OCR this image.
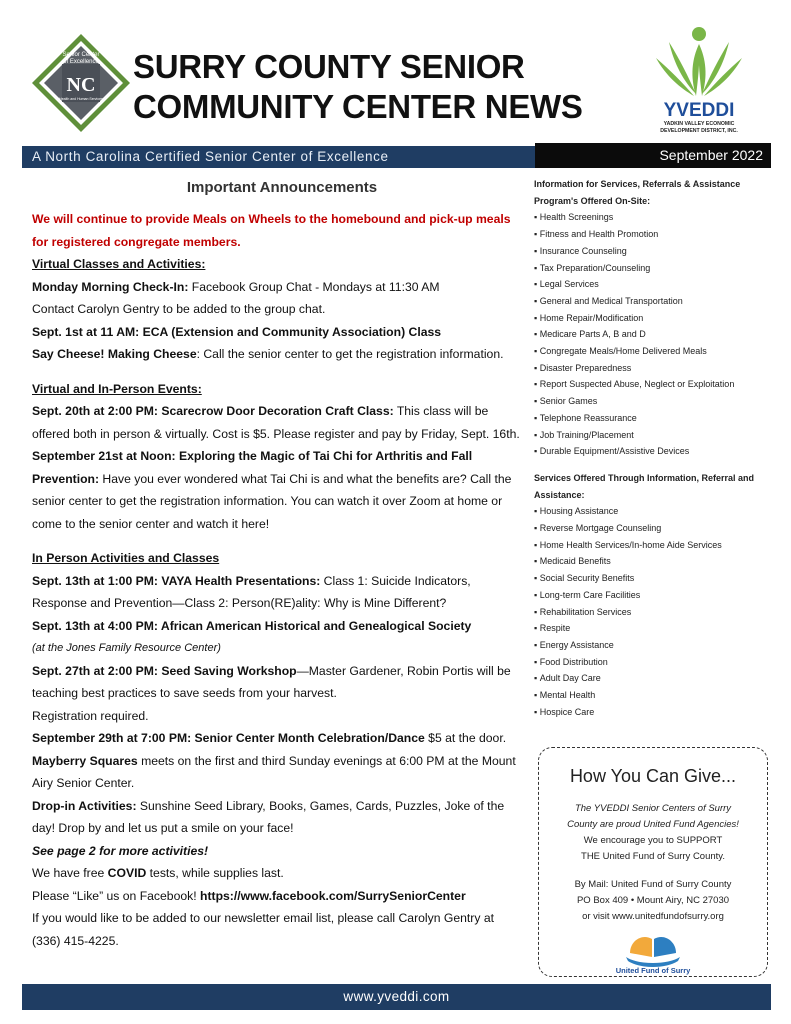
Senior Center
of Excellence
NC
Health and Human Services
SURRY COUNTY SENIOR
COMMUNITY CENTER NEWS	YVEDDI
YADKIN VALLEY ECONOMIC
DEVELOPMENT DISTRICT, INC.
A North Carolina Certified Senior Center of Excellence	September 2022

Important Announcements

We will continue to provide Meals on Wheels to the homebound and pick-up meals for registered congregate members.

Virtual Classes and Activities:

Monday Morning Check-In: Facebook Group Chat - Mondays at 11:30 AM

Contact Carolyn Gentry to be added to the group chat.

Sept. 1st at 11 AM: ECA (Extension and Community Association) Class

Say Cheese! Making Cheese: Call the senior center to get the registration information.

Virtual and In-Person Events:

Sept. 20th at 2:00 PM: Scarecrow Door Decoration Craft Class: This class will be offered both in person & virtually. Cost is $5. Please register and pay by Friday, Sept. 16th.

September 21st at Noon: Exploring the Magic of Tai Chi for Arthritis and Fall Prevention: Have you ever wondered what Tai Chi is and what the benefits are? Call the senior center to get the registration information. You can watch it over Zoom at home or come to the senior center and watch it here!

In Person Activities and Classes

Sept. 13th at 1:00 PM: VAYA Health Presentations: Class 1: Suicide Indicators, Response and Prevention—Class 2: Person(RE)ality: Why is Mine Different?

Sept. 13th at 4:00 PM: African American Historical and Genealogical Society

(at the Jones Family Resource Center)

Sept. 27th at 2:00 PM: Seed Saving Workshop—Master Gardener, Robin Portis will be teaching best practices to save seeds from your harvest.

Registration required.

September 29th at 7:00 PM: Senior Center Month Celebration/Dance $5 at the door.

Mayberry Squares meets on the first and third Sunday evenings at 6:00 PM at the Mount Airy Senior Center.

Drop-in Activities: Sunshine Seed Library, Books, Games, Cards, Puzzles, Joke of the day! Drop by and let us put a smile on your face!

See page 2 for more activities!

We have free COVID tests, while supplies last.

Please “Like” us on Facebook! https://www.facebook.com/SurrySeniorCenter

If you would like to be added to our newsletter email list, please call Carolyn Gentry at (336) 415-4225.

Information for Services, Referrals & Assistance
Program's Offered On-Site:
▪ Health Screenings
▪ Fitness and Health Promotion
▪ Insurance Counseling
▪ Tax Preparation/Counseling
▪ Legal Services
▪ General and Medical Transportation
▪ Home Repair/Modification
▪ Medicare Parts A, B and D
▪ Congregate Meals/Home Delivered Meals
▪ Disaster Preparedness
▪ Report Suspected Abuse, Neglect or Exploitation
▪ Senior Games
▪ Telephone Reassurance
▪ Job Training/Placement
▪ Durable Equipment/Assistive Devices
Services Offered Through Information, Referral and Assistance:
▪ Housing Assistance
▪ Reverse Mortgage Counseling
▪ Home Health Services/In-home Aide Services
▪ Medicaid Benefits
▪ Social Security Benefits
▪ Long-term Care Facilities
▪ Rehabilitation Services
▪ Respite
▪ Energy Assistance
▪ Food Distribution
▪ Adult Day Care
▪ Mental Health
▪ Hospice Care
How You Can Give...
The YVEDDI Senior Centers of Surry County are proud United Fund Agencies!
We encourage you to SUPPORT THE United Fund of Surry County.
By Mail: United Fund of Surry County
PO Box 409 • Mount Airy, NC 27030
or visit www.unitedfundofsurry.org
United Fund of Surry
www.yveddi.com
